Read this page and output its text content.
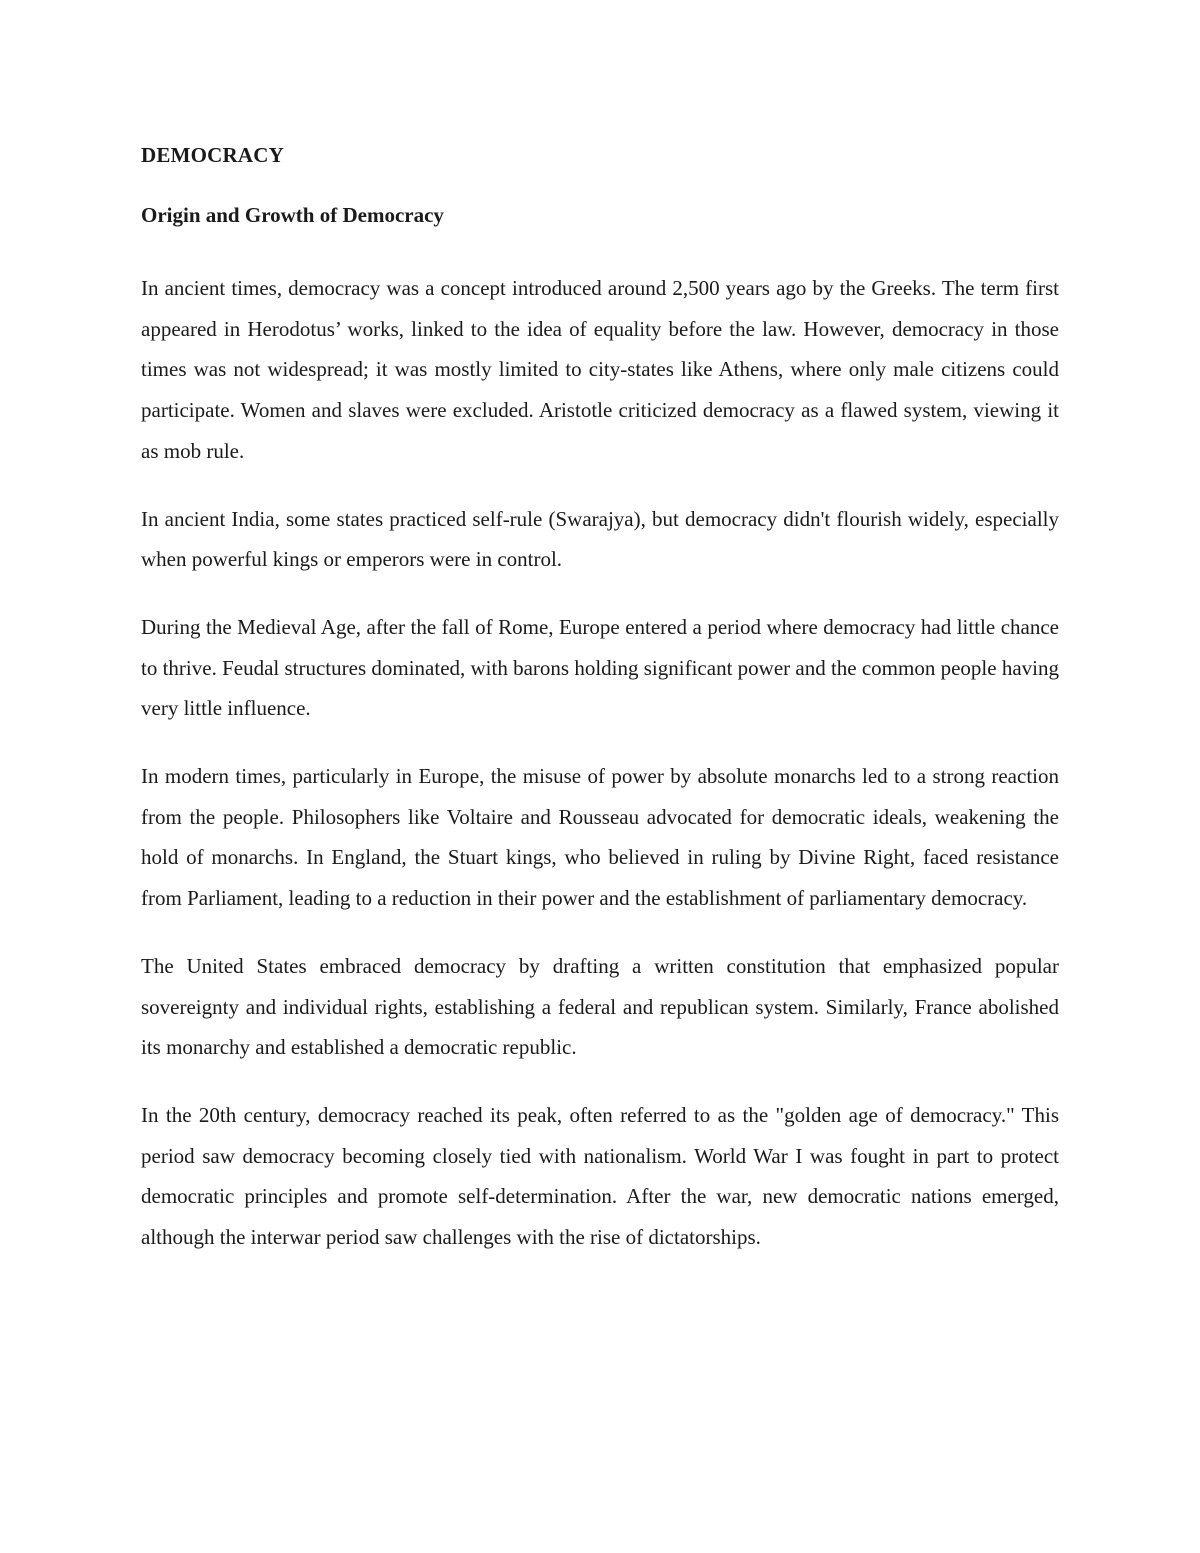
DEMOCRACY
Origin and Growth of Democracy

In ancient times, democracy was a concept introduced around 2,500 years ago by the Greeks. The term first appeared in Herodotus’ works, linked to the idea of equality before the law. However, democracy in those times was not widespread; it was mostly limited to city-states like Athens, where only male citizens could participate. Women and slaves were excluded. Aristotle criticized democracy as a flawed system, viewing it as mob rule.

In ancient India, some states practiced self-rule (Swarajya), but democracy didn't flourish widely, especially when powerful kings or emperors were in control.

During the Medieval Age, after the fall of Rome, Europe entered a period where democracy had little chance to thrive. Feudal structures dominated, with barons holding significant power and the common people having very little influence.

In modern times, particularly in Europe, the misuse of power by absolute monarchs led to a strong reaction from the people. Philosophers like Voltaire and Rousseau advocated for democratic ideals, weakening the hold of monarchs. In England, the Stuart kings, who believed in ruling by Divine Right, faced resistance from Parliament, leading to a reduction in their power and the establishment of parliamentary democracy.

The United States embraced democracy by drafting a written constitution that emphasized popular sovereignty and individual rights, establishing a federal and republican system. Similarly, France abolished its monarchy and established a democratic republic.

In the 20th century, democracy reached its peak, often referred to as the "golden age of democracy." This period saw democracy becoming closely tied with nationalism. World War I was fought in part to protect democratic principles and promote self-determination. After the war, new democratic nations emerged, although the interwar period saw challenges with the rise of dictatorships.
